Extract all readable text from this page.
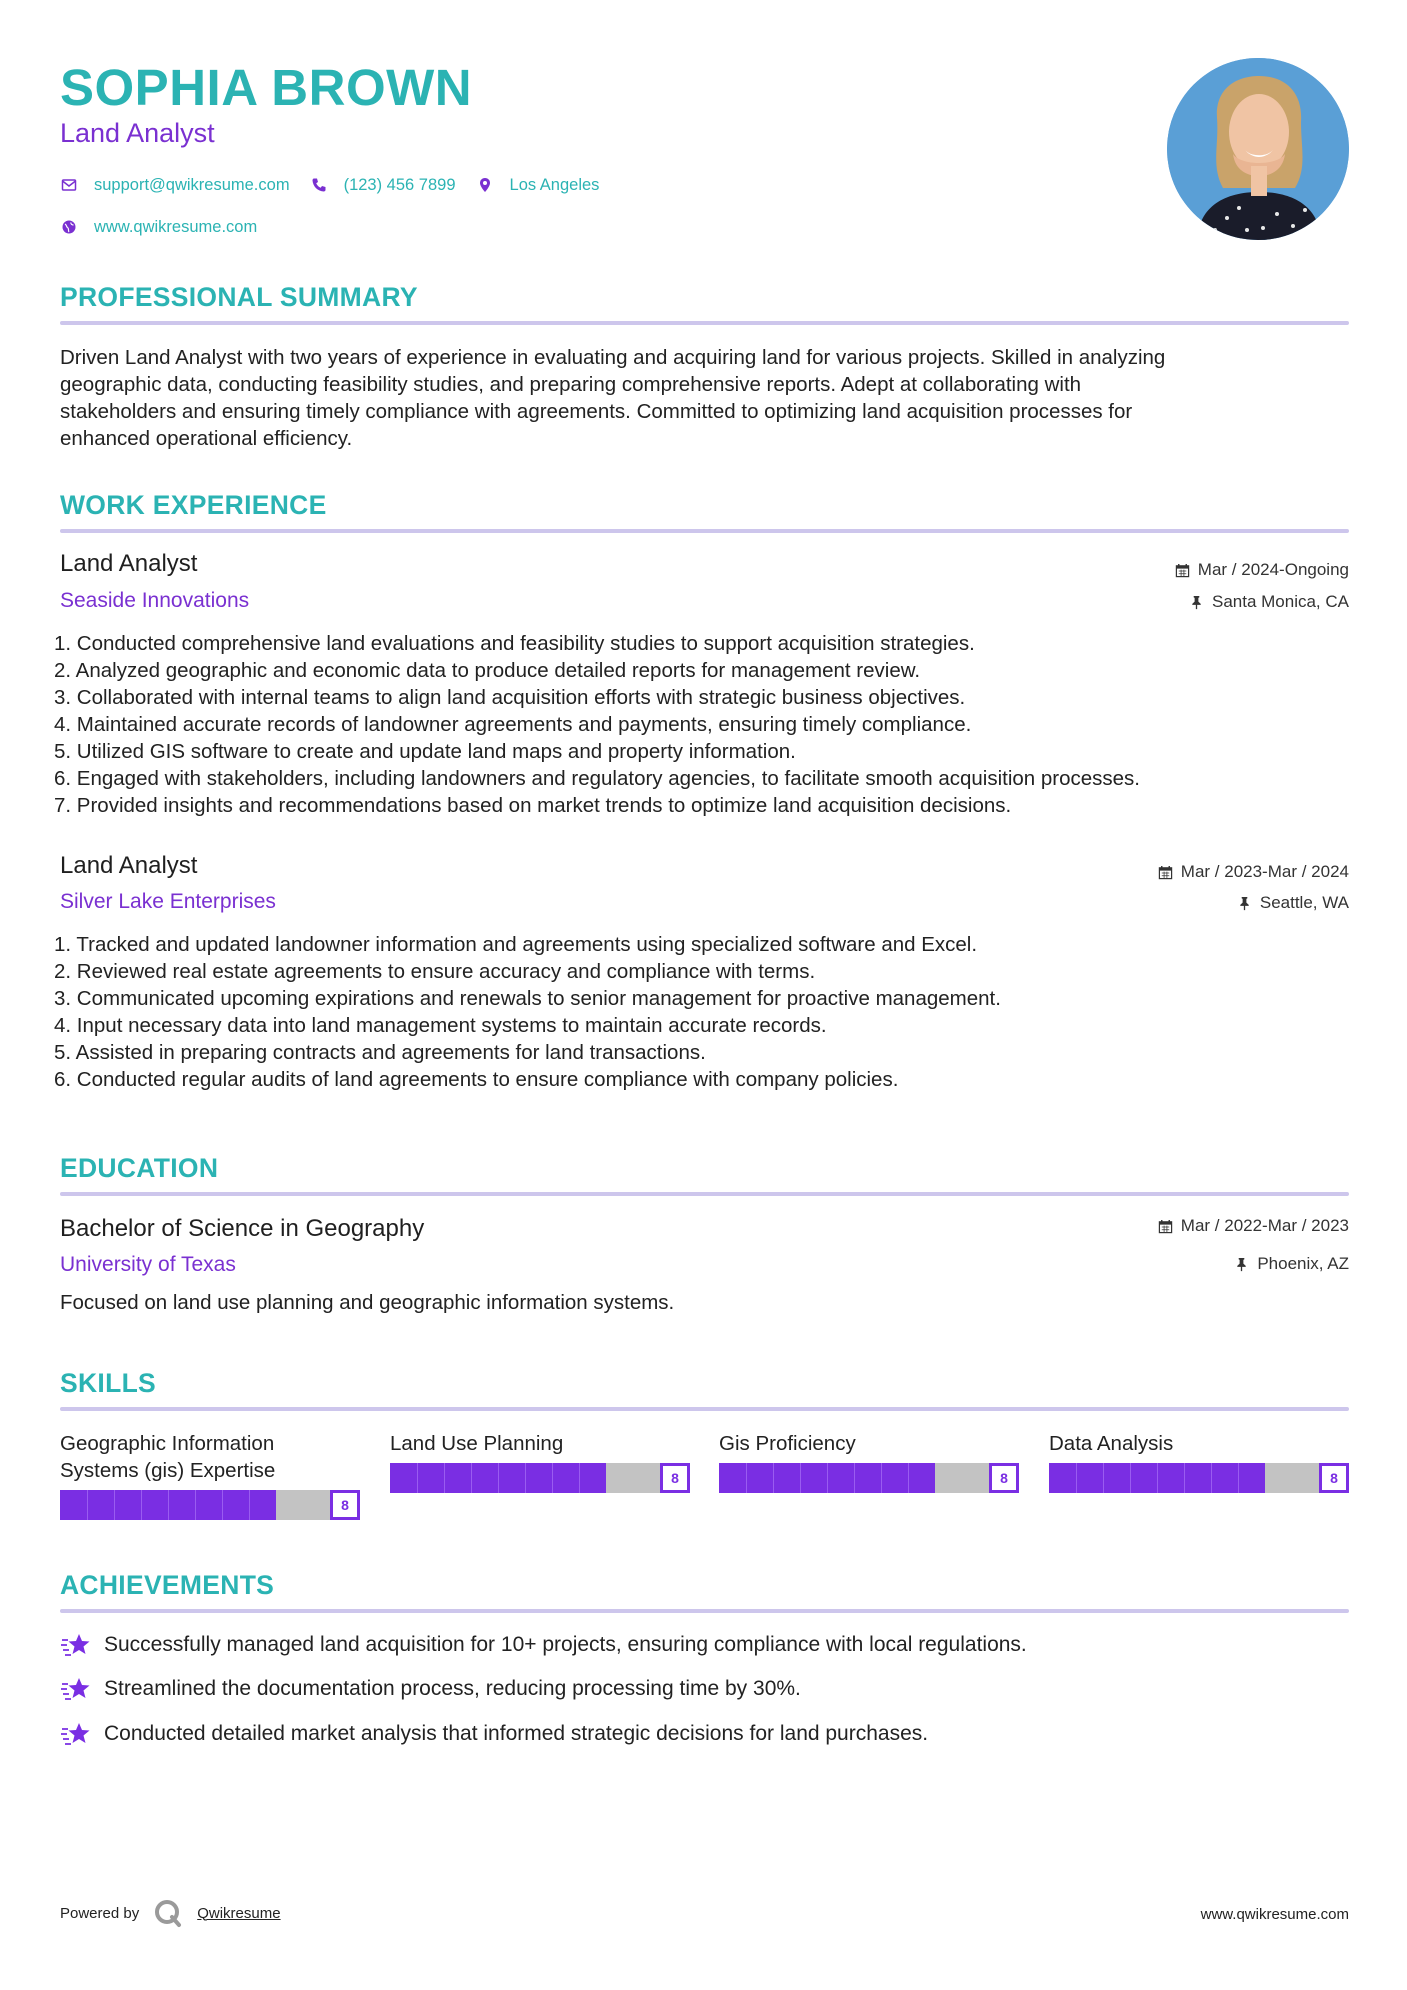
SOPHIA BROWN
Land Analyst
support@qwikresume.com	(123) 456 7899	Los Angeles
www.qwikresume.com
PROFESSIONAL SUMMARY
Driven Land Analyst with two years of experience in evaluating and acquiring land for various projects. Skilled in analyzing
geographic data, conducting feasibility studies, and preparing comprehensive reports. Adept at collaborating with
stakeholders and ensuring timely compliance with agreements. Committed to optimizing land acquisition processes for
enhanced operational efficiency.
WORK EXPERIENCE
Land Analyst	Mar / 2024-Ongoing
Seaside Innovations	Santa Monica, CA
1. Conducted comprehensive land evaluations and feasibility studies to support acquisition strategies.
2. Analyzed geographic and economic data to produce detailed reports for management review.
3. Collaborated with internal teams to align land acquisition efforts with strategic business objectives.
4. Maintained accurate records of landowner agreements and payments, ensuring timely compliance.
5. Utilized GIS software to create and update land maps and property information.
6. Engaged with stakeholders, including landowners and regulatory agencies, to facilitate smooth acquisition processes.
7. Provided insights and recommendations based on market trends to optimize land acquisition decisions.
Land Analyst	Mar / 2023-Mar / 2024
Silver Lake Enterprises	Seattle, WA
1. Tracked and updated landowner information and agreements using specialized software and Excel.
2. Reviewed real estate agreements to ensure accuracy and compliance with terms.
3. Communicated upcoming expirations and renewals to senior management for proactive management.
4. Input necessary data into land management systems to maintain accurate records.
5. Assisted in preparing contracts and agreements for land transactions.
6. Conducted regular audits of land agreements to ensure compliance with company policies.
EDUCATION
Bachelor of Science in Geography	Mar / 2022-Mar / 2023
University of Texas	Phoenix, AZ
Focused on land use planning and geographic information systems.
SKILLS
Geographic Information
Systems (gis) Expertise
8
Land Use Planning
8
Gis Proficiency
8
Data Analysis
8
ACHIEVEMENTS
Successfully managed land acquisition for 10+ projects, ensuring compliance with local regulations.
Streamlined the documentation process, reducing processing time by 30%.
Conducted detailed market analysis that informed strategic decisions for land purchases.
Powered by	Qwikresume	www.qwikresume.com
